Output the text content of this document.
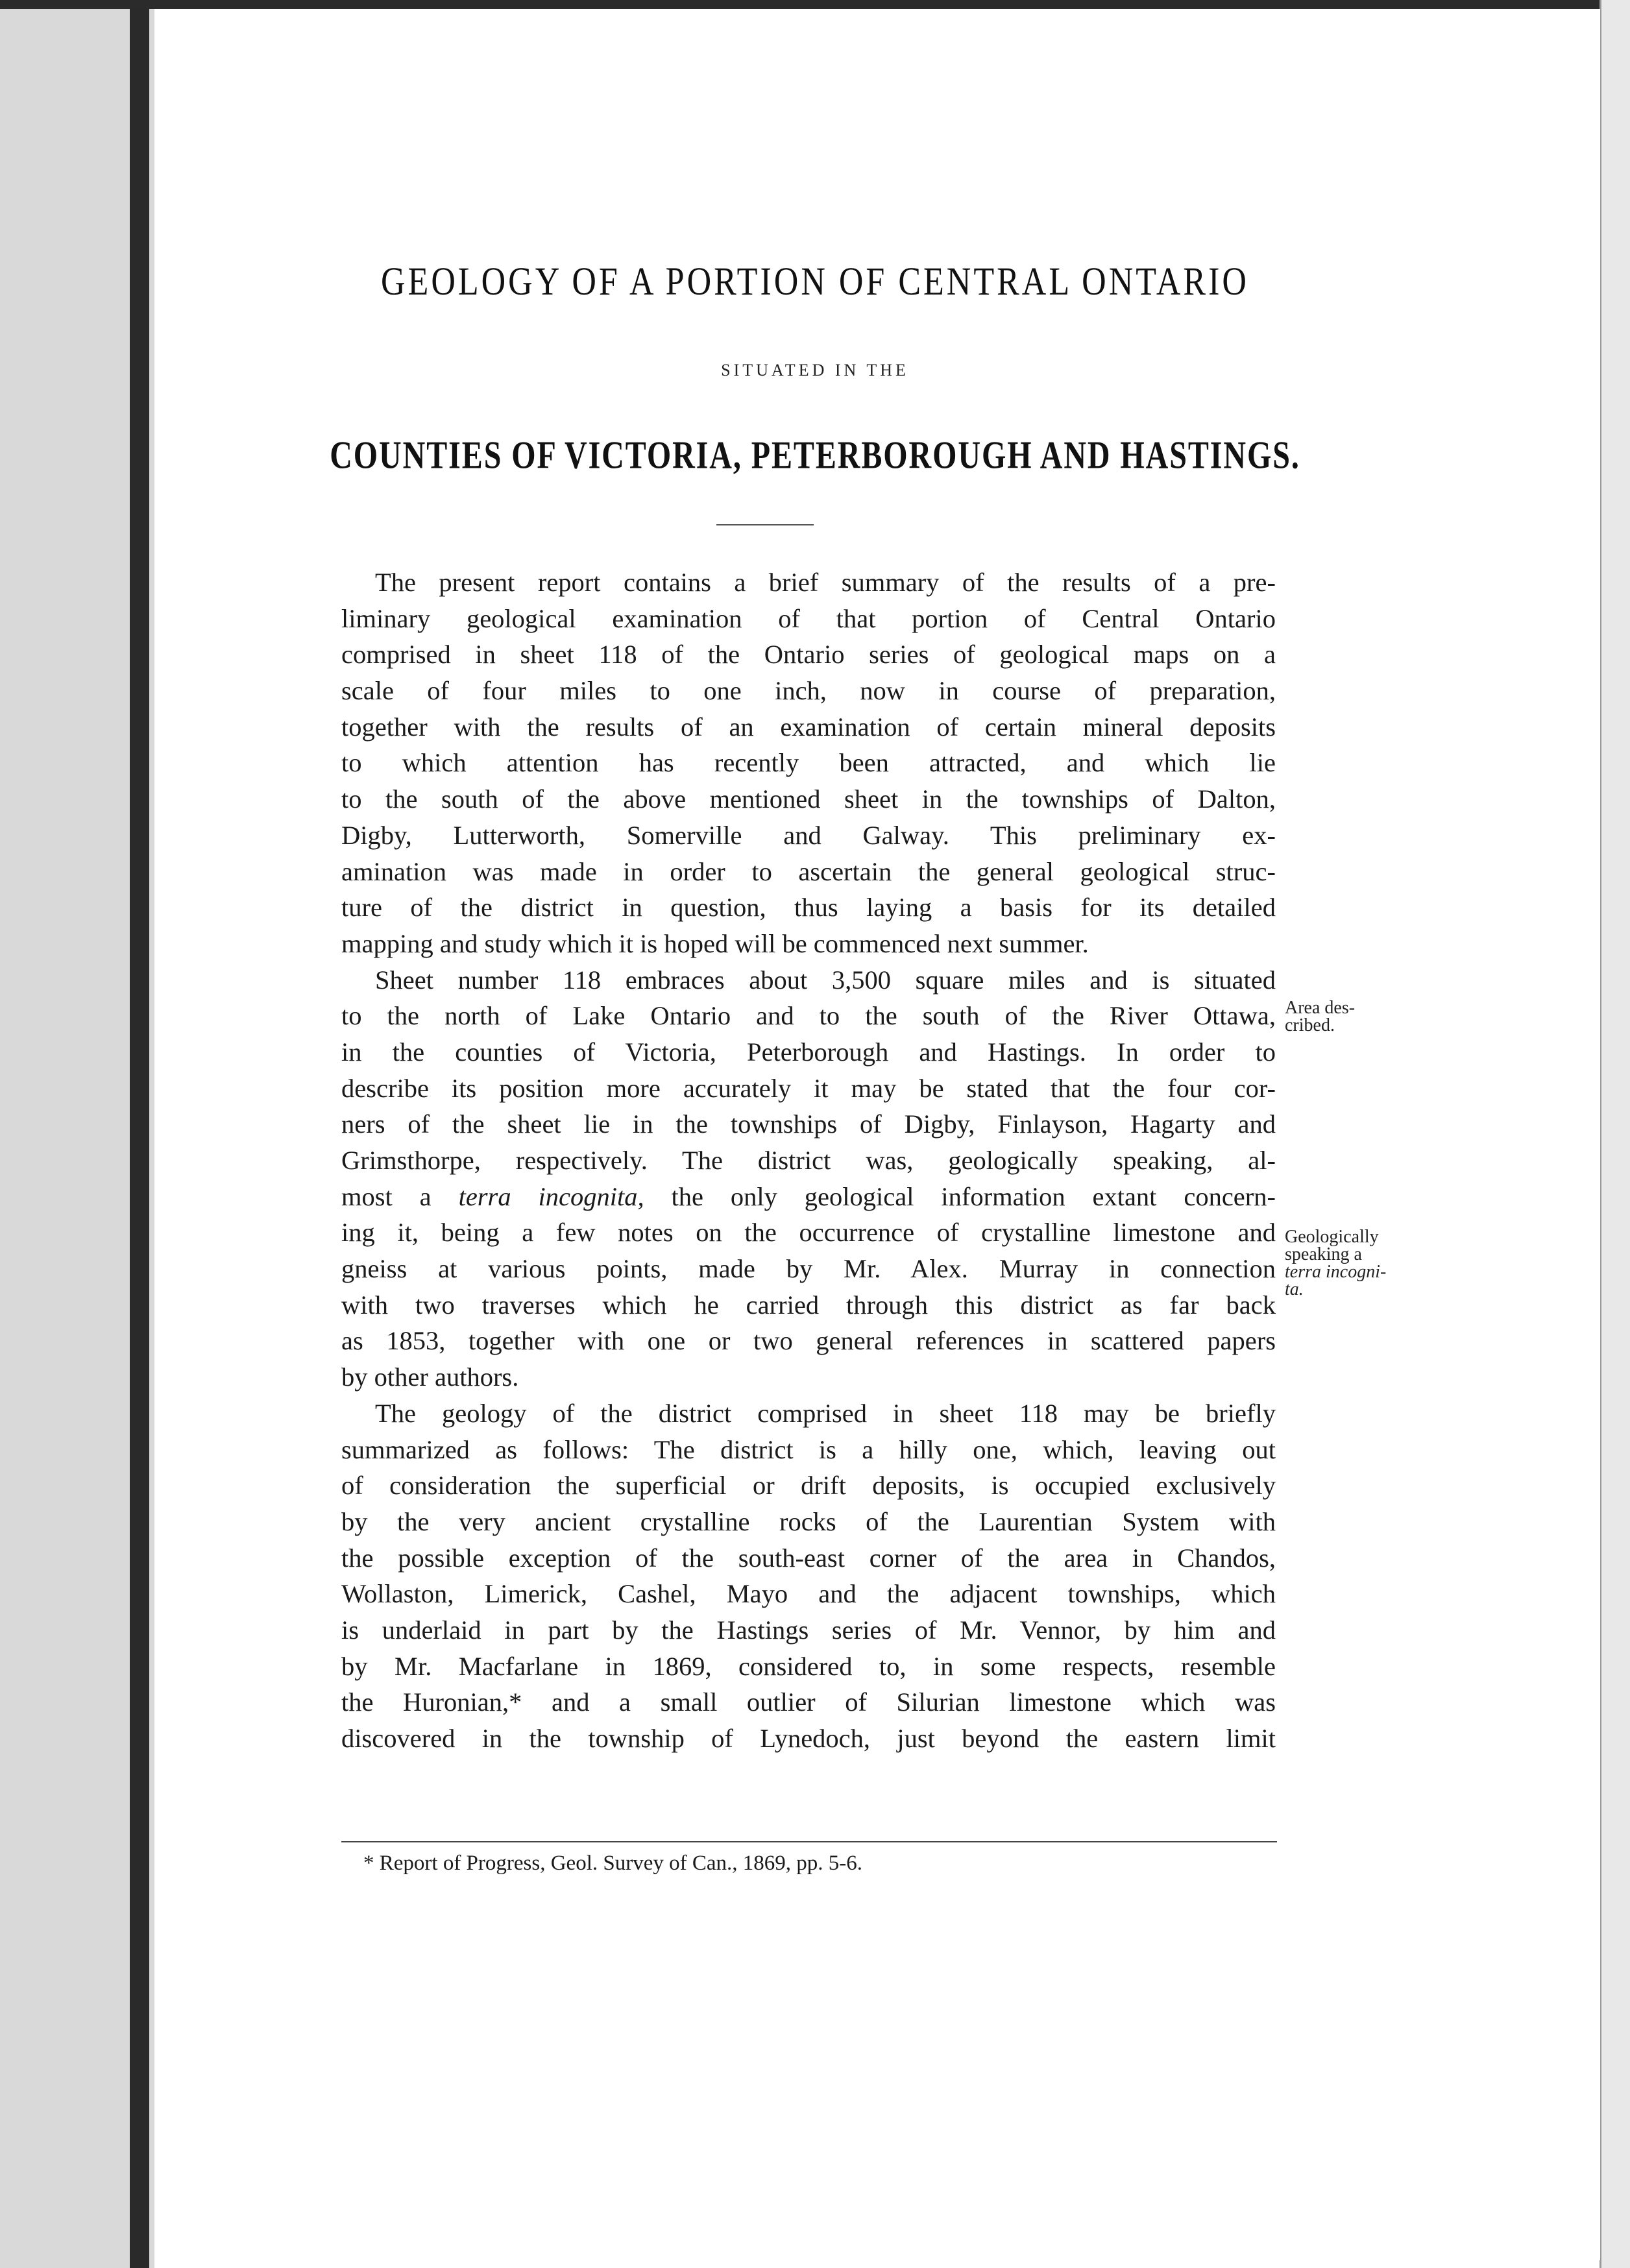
GEOLOGY OF A PORTION OF CENTRAL ONTARIO
SITUATED IN THE
COUNTIES OF VICTORIA, PETERBOROUGH AND HASTINGS.
The present report contains a brief summary of the results of a pre-
liminary geological examination of that portion of Central Ontario
comprised in sheet 118 of the Ontario series of geological maps on a
scale of four miles to one inch, now in course of preparation,
together with the results of an examination of certain mineral deposits
to which attention has recently been attracted, and which lie
to the south of the above mentioned sheet in the townships of Dalton,
Digby, Lutterworth, Somerville and Galway. This preliminary ex-
amination was made in order to ascertain the general geological struc-
ture of the district in question, thus laying a basis for its detailed
mapping and study which it is hoped will be commenced next summer.
Sheet number 118 embraces about 3,500 square miles and is situated
to the north of Lake Ontario and to the south of the River Ottawa,
in the counties of Victoria, Peterborough and Hastings. In order to
describe its position more accurately it may be stated that the four cor-
ners of the sheet lie in the townships of Digby, Finlayson, Hagarty and
Grimsthorpe, respectively. The district was, geologically speaking, al-
most a terra incognita, the only geological information extant concern-
ing it, being a few notes on the occurrence of crystalline limestone and
gneiss at various points, made by Mr. Alex. Murray in connection
with two traverses which he carried through this district as far back
as 1853, together with one or two general references in scattered papers
by other authors.
The geology of the district comprised in sheet 118 may be briefly
summarized as follows: The district is a hilly one, which, leaving out
of consideration the superficial or drift deposits, is occupied exclusively
by the very ancient crystalline rocks of the Laurentian System with
the possible exception of the south-east corner of the area in Chandos,
Wollaston, Limerick, Cashel, Mayo and the adjacent townships, which
is underlaid in part by the Hastings series of Mr. Vennor, by him and
by Mr. Macfarlane in 1869, considered to, in some respects, resemble
the Huronian,* and a small outlier of Silurian limestone which was
discovered in the township of Lynedoch, just beyond the eastern limit
Area des-
cribed.
Geologically
speaking a
terra incogni-
ta.
* Report of Progress, Geol. Survey of Can., 1869, pp. 5-6.
